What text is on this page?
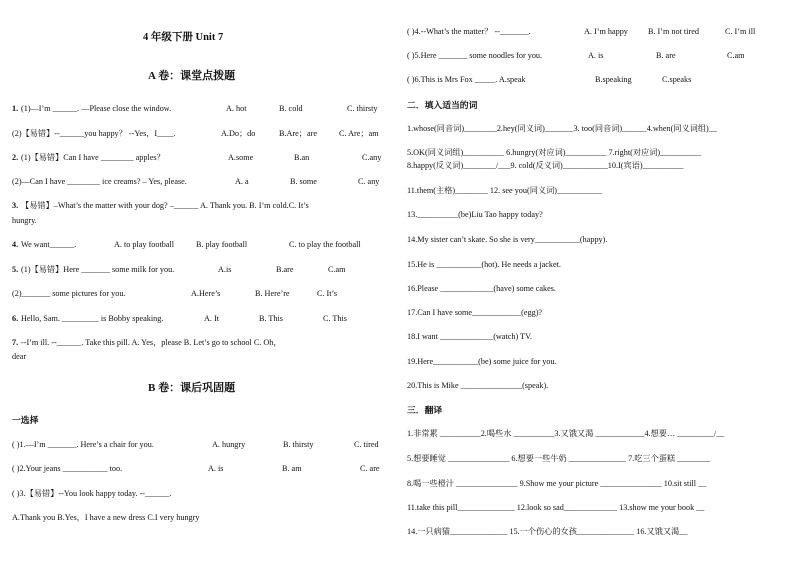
4 年级下册 Unit 7
A 卷：课堂点拨题
1. (1)—I’m ______. —Please close the window.	A. hot	B. cold	C. thirsty
(2)【易错】--______you happy？ --Yes，I____.	A.Do；do	B.Are；are	C. Are；am
2. (1)【易错】Can I have ________ apples？	A.some	B.an	C.any
(2)—Can I have ________ ice creams? – Yes, please.	A. a	B. some	C. any
3. 【易错】–What’s the matter with your dog? –______ A. Thank you. B. I’m cold.C. It’s
hungry.
4. We want______.	A. to play football	B. play football	C. to play the football
5. (1)【易错】Here _______ some milk for you.	A.is	B.are	C.am
(2)_______ some pictures for you.	A.Here’s	B. Here’re	C. It’s
6. Hello, Sam. _________ is Bobby speaking.	A. It	B. This	C. This
7. --I’m ill. --______. Take this pill. A. Yes，please B. Let’s go to school C. Oh，
dear
B 卷：课后巩固题
一选择
( )1.—I’m _______. Here’s a chair for you.	A. hungry	B. thirsty	C. tired
( )2.Your jeans ___________ too.	A. is	B. am	C. are
( )3.【易错】--You look happy today. --______.
A.Thank you B.Yes，I have a new dress C.I very hungry
( )4.--What’s the matter？ --_______.	A. I’m happy B. I’m not tired	C. I’m ill
( )5.Here _______ some noodles for you.	A. is	B. are	C.am
( )6.This is Mrs Fox _____. A.speak	B.speaking	C.speaks
二．填入适当的词
1.whose(同音词)________2.hey(同义词)_______3. too(同音词)______4.when(同义词组)__
5.OK(同义词组)__________ 6.hungry(对应词)__________ 7.right(对应词)__________
8.happy(反义词)________/___9. cold(反义词)___________10.I(宾语)__________
11.them(主格)________ 12. see you(同义词)___________
13.__________(be)Liu Tao happy today?
14.My sister can’t skate. So she is very___________(happy).
15.He is ___________(hot). He needs a jacket.
16.Please _____________(have) some cakes.
17.Can I have some____________(egg)?
18.I want _____________(watch) TV.
19.Here___________(be) some juice for you.
20.This is Mike _______________(speak).
三．翻译
1.非常累 __________2.喝些水 __________3.又饿又渴 ____________4.想要… _________/__
5.想要睡觉 _______________ 6.想要一些牛奶 ______________ 7.吃三个蛋糕 ________
8.喝一些橙汁 _______________ 9.Show me your picture _______________ 10.sit still __
11.take this pill______________ 12.look so sad_____________ 13.show me your book __
14.一只病猫______________ 15.一个伤心的女孩______________ 16.又饿又渴__
